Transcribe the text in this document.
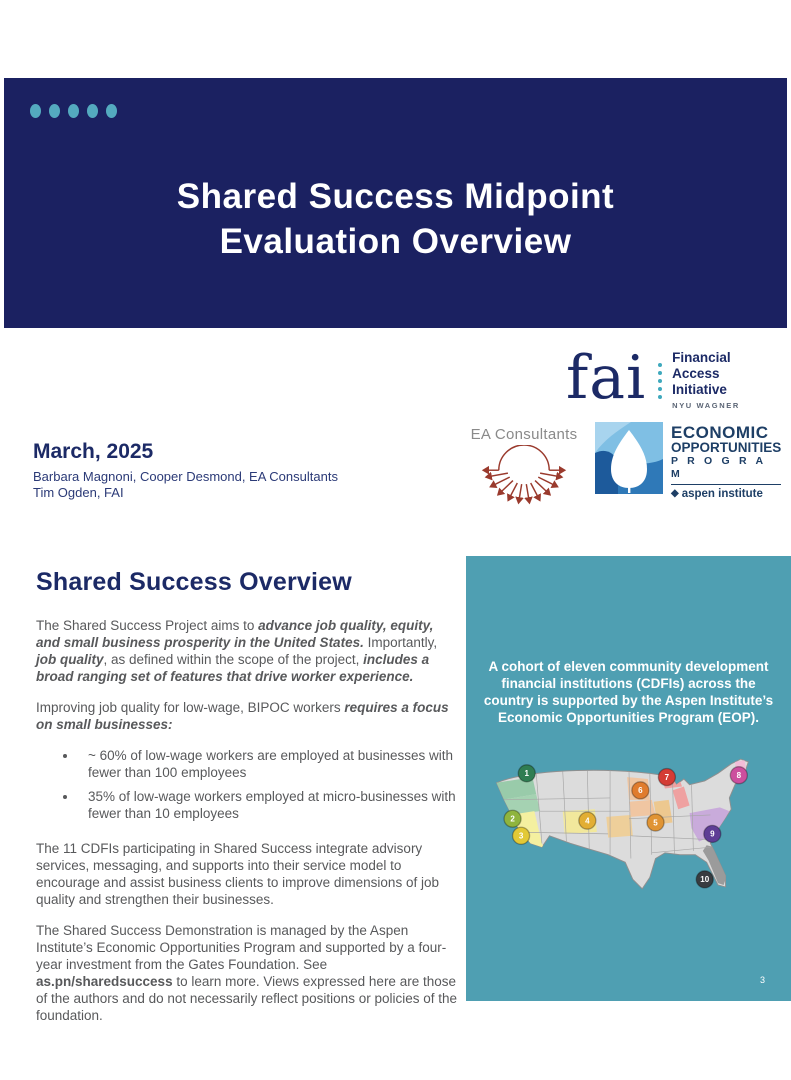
Shared Success Midpoint
Evaluation Overview
fai Financial
Access Initiative
NYU WAGNER
March, 2025
Barbara Magnoni, Cooper Desmond, EA Consultants
Tim Ogden, FAI
EA Consultants	ECONOMIC
OPPORTUNITIES
P R O G R A M
◆ aspen institute
Shared Success Overview

The Shared Success Project aims to advance job quality, equity, and small business prosperity in the United States. Importantly, job quality, as defined within the scope of the project, includes a broad ranging set of features that drive worker experience.

Improving job quality for low-wage, BIPOC workers requires a focus on small businesses:

• ~ 60% of low-wage workers are employed at businesses with fewer than 100 employees
• 35% of low-wage workers employed at micro-businesses with fewer than 10 employees

The 11 CDFIs participating in Shared Success integrate advisory services, messaging, and supports into their service model to encourage and assist business clients to improve dimensions of job quality and strengthen their businesses.

The Shared Success Demonstration is managed by the Aspen Institute’s Economic Opportunities Program and supported by a four-year investment from the Gates Foundation. See as.pn/sharedsuccess to learn more. Views expressed here are those of the authors and do not necessarily reflect positions or policies of the foundation.

A cohort of eleven community development financial institutions (CDFIs) across the country is supported by the Aspen Institute’s Economic Opportunities Program (EOP).
1
2
3
4	5
6
7	8
9
10
3
